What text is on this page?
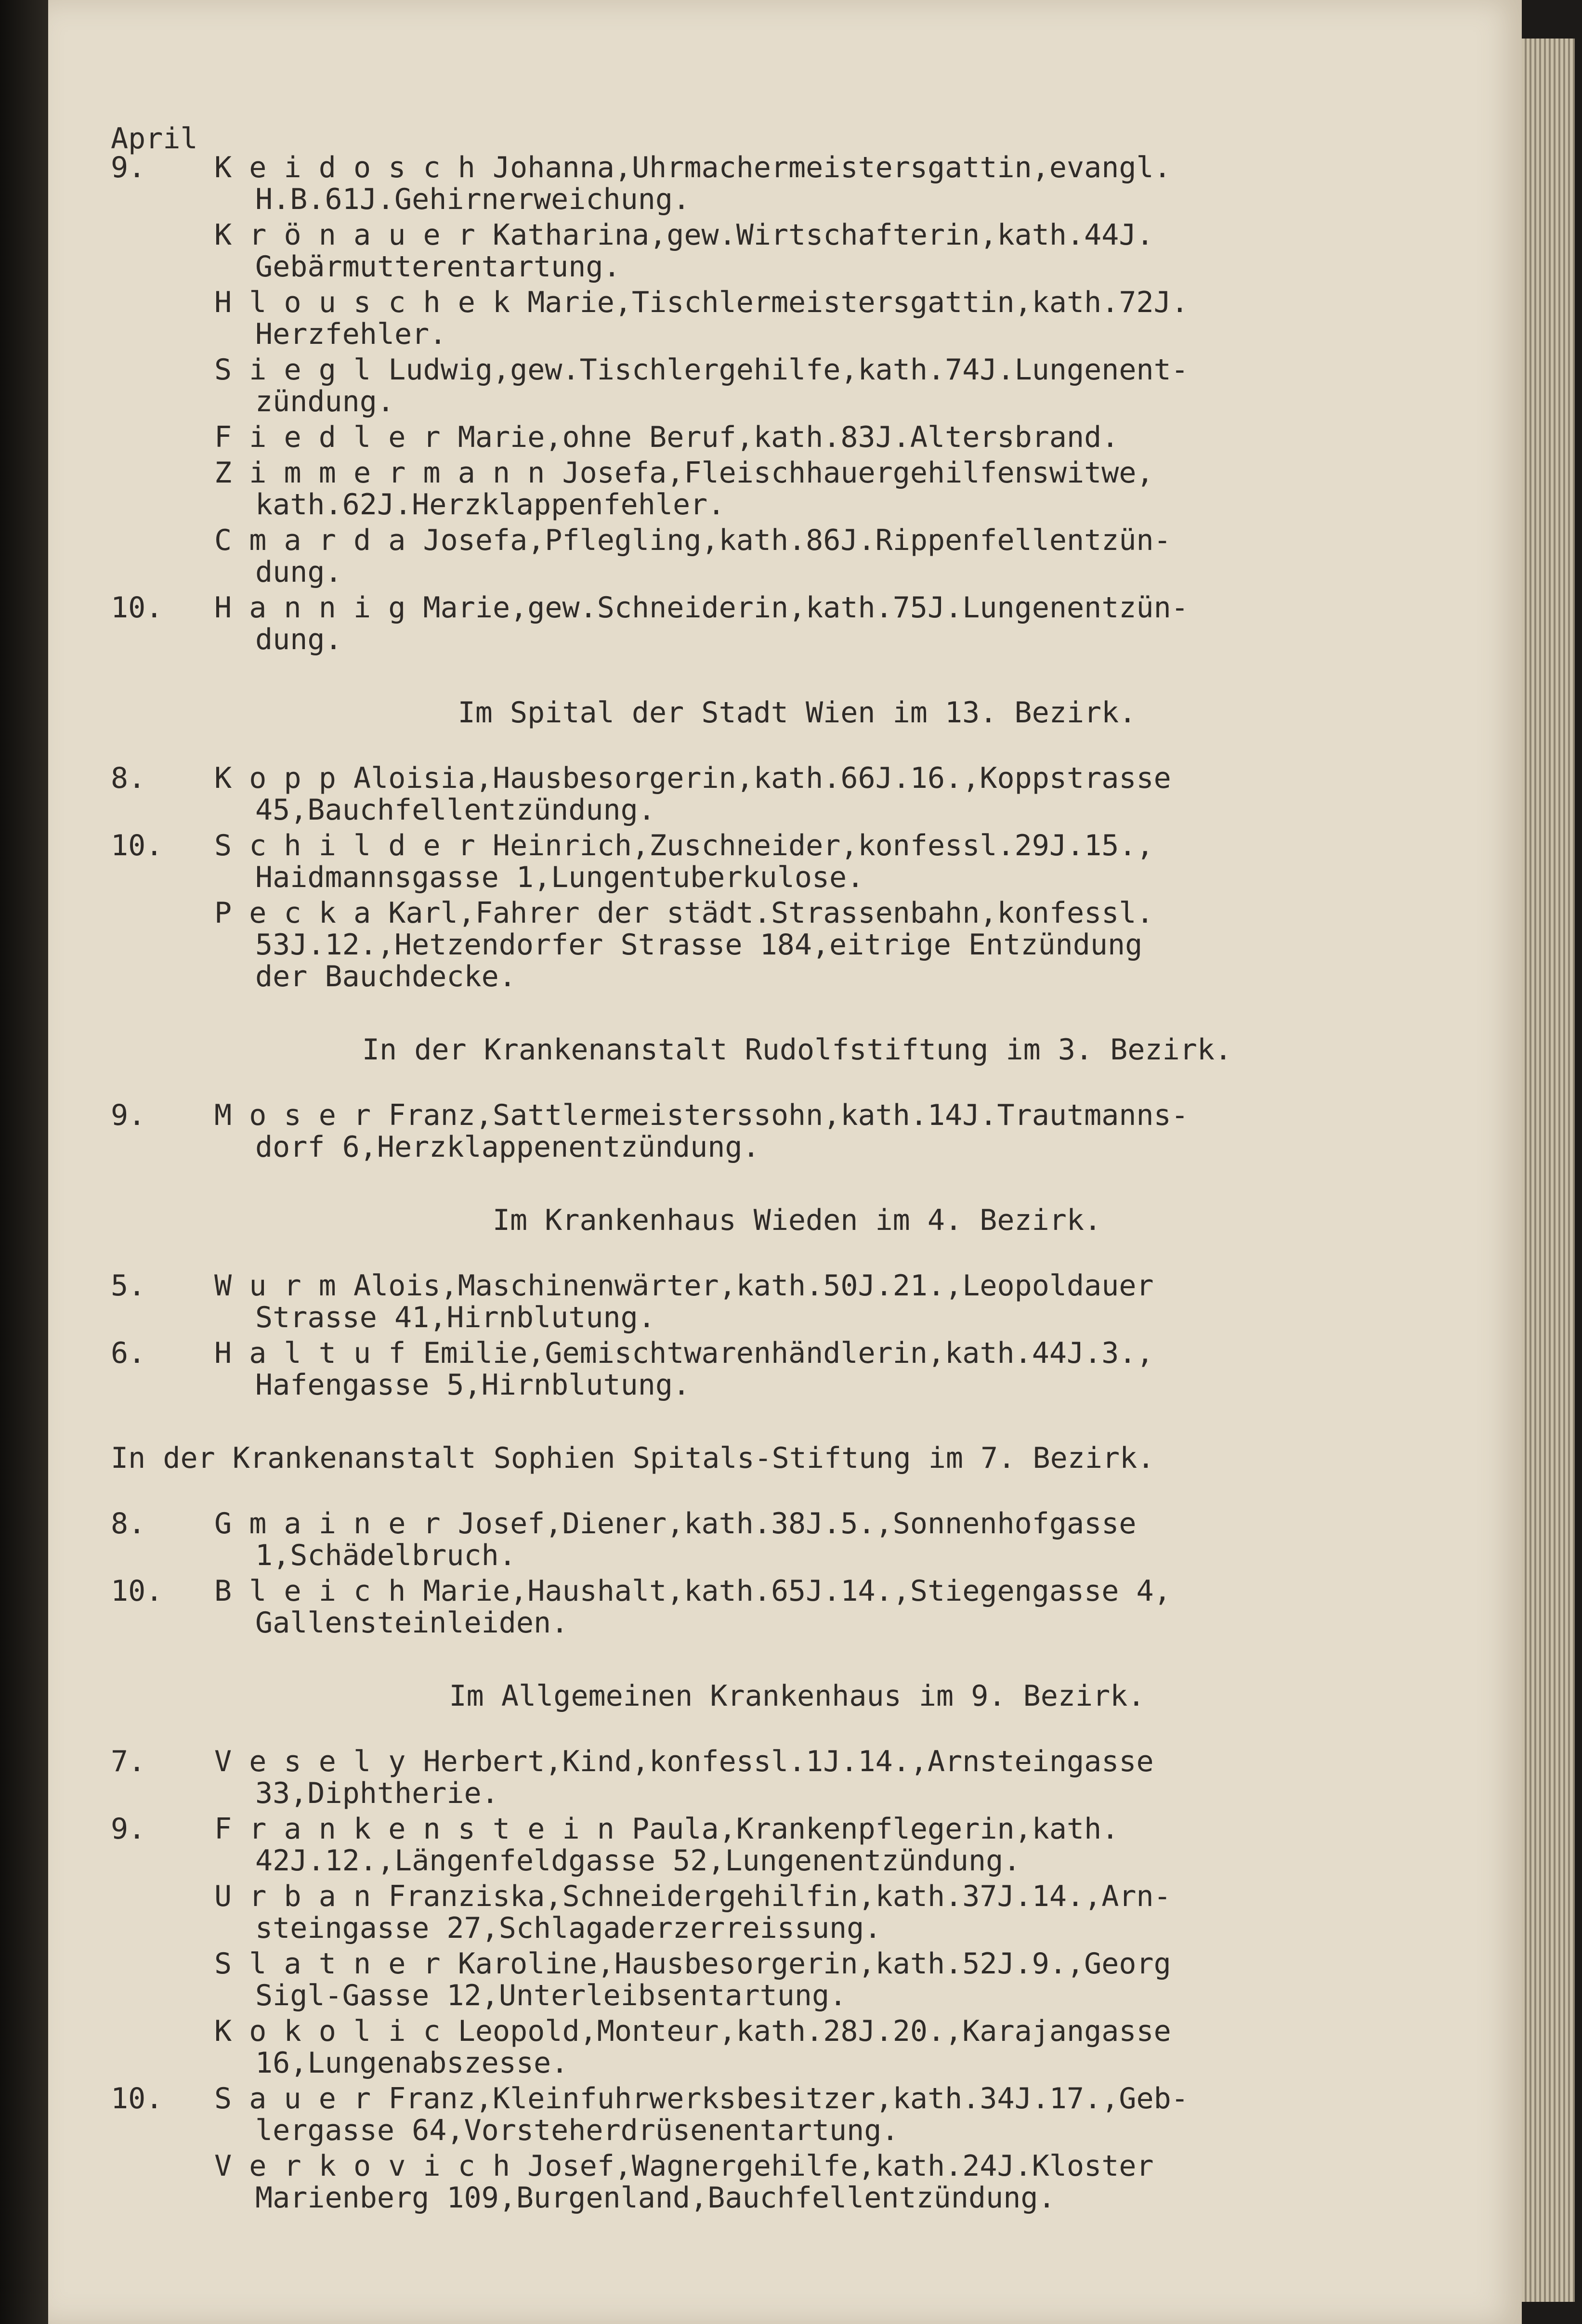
April
9.	K e i d o s c h Johanna,Uhrmachermeistersgattin,evangl.
H.B.61J.Gehirnerweichung.
K r ö n a u e r Katharina,gew.Wirtschafterin,kath.44J.
Gebärmutterentartung.
H l o u s c h e k Marie,Tischlermeistersgattin,kath.72J.
Herzfehler.
S i e g l Ludwig,gew.Tischlergehilfe,kath.74J.Lungenent-
zündung.
F i e d l e r Marie,ohne Beruf,kath.83J.Altersbrand.
Z i m m e r m a n n Josefa,Fleischhauergehilfenswitwe,
kath.62J.Herzklappenfehler.
C m a r d a Josefa,Pflegling,kath.86J.Rippenfellentzün-
dung.
10.	H a n n i g Marie,gew.Schneiderin,kath.75J.Lungenentzün-
dung.
Im Spital der Stadt Wien im 13. Bezirk.
8.	K o p p Aloisia,Hausbesorgerin,kath.66J.16.,Koppstrasse
45,Bauchfellentzündung.
10.	S c h i l d e r Heinrich,Zuschneider,konfessl.29J.15.,
Haidmannsgasse 1,Lungentuberkulose.
P e c k a Karl,Fahrer der städt.Strassenbahn,konfessl.
53J.12.,Hetzendorfer Strasse 184,eitrige Entzündung
der Bauchdecke.
In der Krankenanstalt Rudolfstiftung im 3. Bezirk.
9.	M o s e r Franz,Sattlermeisterssohn,kath.14J.Trautmanns-
dorf 6,Herzklappenentzündung.
Im Krankenhaus Wieden im 4. Bezirk.
5.	W u r m Alois,Maschinenwärter,kath.50J.21.,Leopoldauer
Strasse 41,Hirnblutung.
6.	H a l t u f Emilie,Gemischtwarenhändlerin,kath.44J.3.,
Hafengasse 5,Hirnblutung.
In der Krankenanstalt Sophien Spitals-Stiftung im 7. Bezirk.
8.	G m a i n e r Josef,Diener,kath.38J.5.,Sonnenhofgasse
1,Schädelbruch.
10.	B l e i c h Marie,Haushalt,kath.65J.14.,Stiegengasse 4,
Gallensteinleiden.
Im Allgemeinen Krankenhaus im 9. Bezirk.
7.	V e s e l y Herbert,Kind,konfessl.1J.14.,Arnsteingasse
33,Diphtherie.
9.	F r a n k e n s t e i n Paula,Krankenpflegerin,kath.
42J.12.,Längenfeldgasse 52,Lungenentzündung.
U r b a n Franziska,Schneidergehilfin,kath.37J.14.,Arn-
steingasse 27,Schlagaderzerreissung.
S l a t n e r Karoline,Hausbesorgerin,kath.52J.9.,Georg
Sigl-Gasse 12,Unterleibsentartung.
K o k o l i c Leopold,Monteur,kath.28J.20.,Karajangasse
16,Lungenabszesse.
10.	S a u e r Franz,Kleinfuhrwerksbesitzer,kath.34J.17.,Geb-
lergasse 64,Vorsteherdrüsenentartung.
V e r k o v i c h Josef,Wagnergehilfe,kath.24J.Kloster
Marienberg 109,Burgenland,Bauchfellentzündung.
